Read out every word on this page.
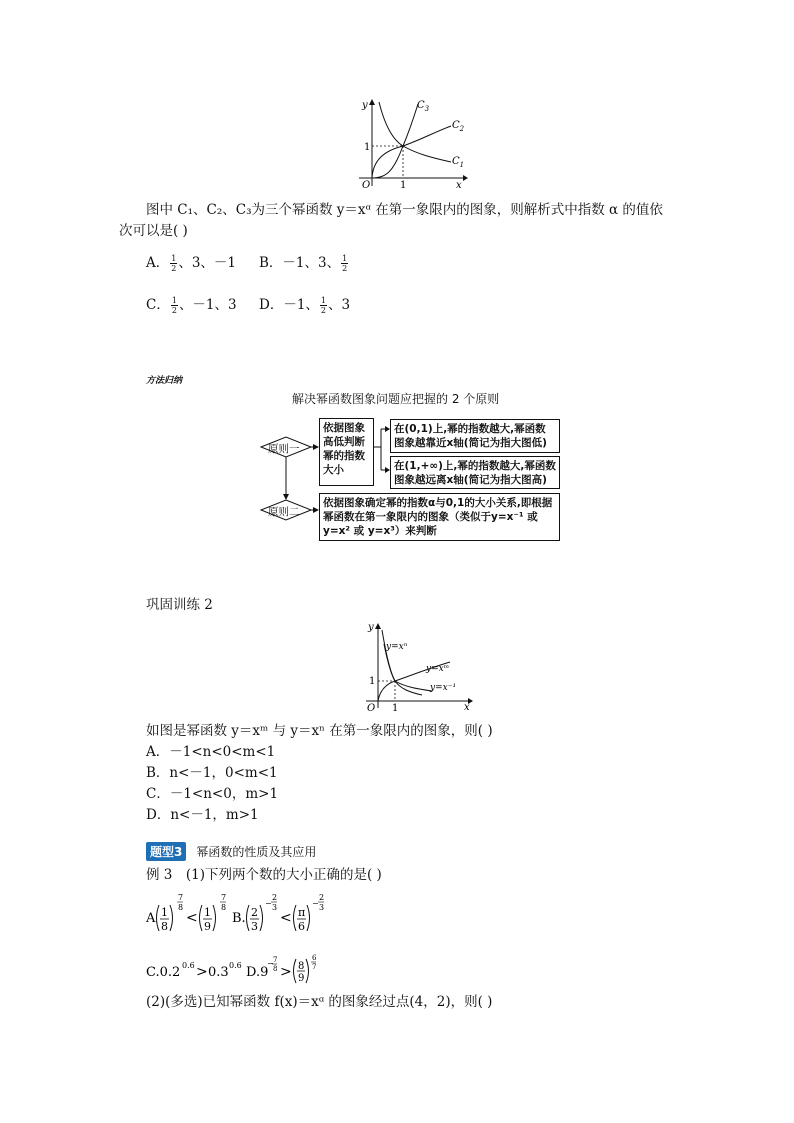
y
x
O	1
1
$C_3$
$C_2$
$C_1$
图中 C₁、C₂、C₃为三个幂函数 y＝xᵅ 在第一象限内的图象，则解析式中指数 α 的值依
次可以是( )
A． $\frac{1}{2}$ 、3、－1 B．－1、3、 $\frac{1}{2}$
C． $\frac{1}{2}$ 、－1、3 D．－1、 $\frac{1}{2}$ 、3
方法归纳
解决幂函数图象问题应把握的 2 个原则
原则一
原则二
依据图象高低判断幂的指数大小
在(0,1)上,幂的指数越大,幂函数图象越靠近x轴(简记为指大图低)
在(1,+∞)上,幂的指数越大,幂函数图象越远离x轴(简记为指大图高)
依据图象确定幂的指数α与0,1的大小关系,即根据幂函数在第一象限内的图象（类似于y=x⁻¹ 或 y=x² 或 y=x³）来判断
巩固训练 2
y
x
O 1
1
y=xⁿ
y=xᵐ
y=x⁻¹
如图是幂函数 y＝xᵐ 与 y＝xⁿ 在第一象限内的图象，则( )
A．－1<n<0<m<1
B．n<－1，0<m<1
C．－1<n<0，m>1
D．n<－1，m>1
题型3	幂函数的性质及其应用
例 3　(1)下列两个数的大小正确的是( )
A 1
8
7
8
< 1
9
7
8
B. 2
3
−
2
3
< π
6
−
2
3
C.0.2 0.6 > 0.3 0.6 D.9
− 7
8 > 8
9
6
7
(2)(多选)已知幂函数 f(x)＝xᵅ 的图象经过点(4，2)，则( )
